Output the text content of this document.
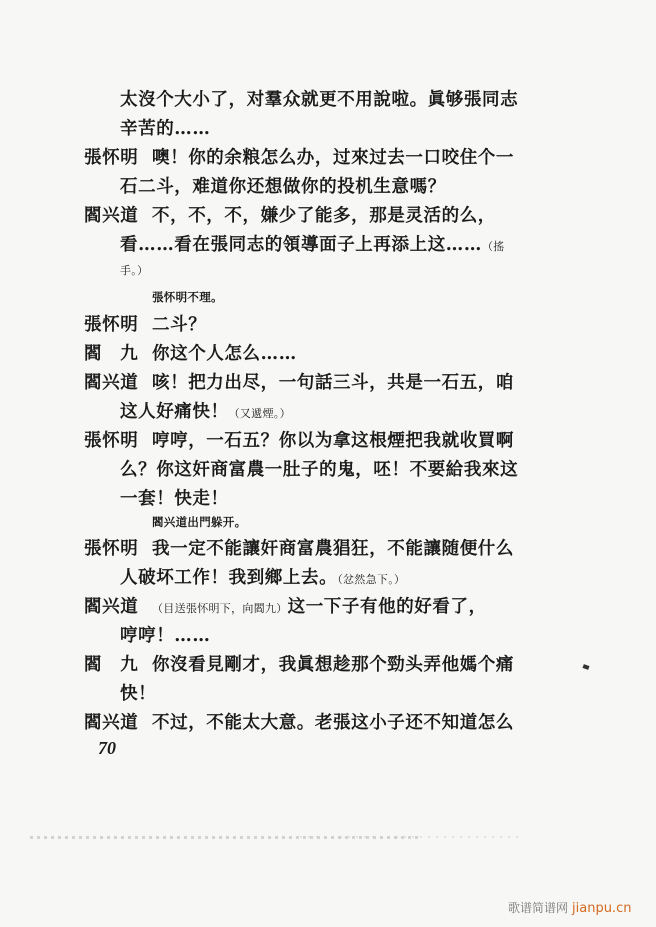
太沒个大小了，对羣众就更不用說啦。眞够張同志
辛苦的……
張怀明 噢！你的余粮怎么办，过來过去一口咬住个一
石二斗，难道你还想做你的投机生意嗎？
閻兴道 不，不，不，嫌少了能多，那是灵活的么，
看……看在張同志的領導面子上再添上这……（搖
手。）
張怀明不理。
張怀明 二斗？
閻　九 你这个人怎么……
閻兴道 咳！把力出尽，一句話三斗，共是一石五，咱
这人好痛快！（又遞煙。）
張怀明 哼哼，一石五？你以为拿这根煙把我就收買啊
么？你这奸商富農一肚子的鬼，呸！不要給我來这
一套！快走！
閻兴道出門躲开。
張怀明 我一定不能讓奸商富農猖狂，不能讓随便什么
人破坏工作！我到鄉上去。（忿然急下。）
閻兴道 （目送張怀明下，向閻九）这一下子有他的好看了，
哼哼！……
閻　九 你沒看見剛才，我眞想趁那个勁头弄他媽个痛
快！
閻兴道 不过，不能太大意。老張这小子还不知道怎么
70
歌谱简谱网 jianpu.cn
